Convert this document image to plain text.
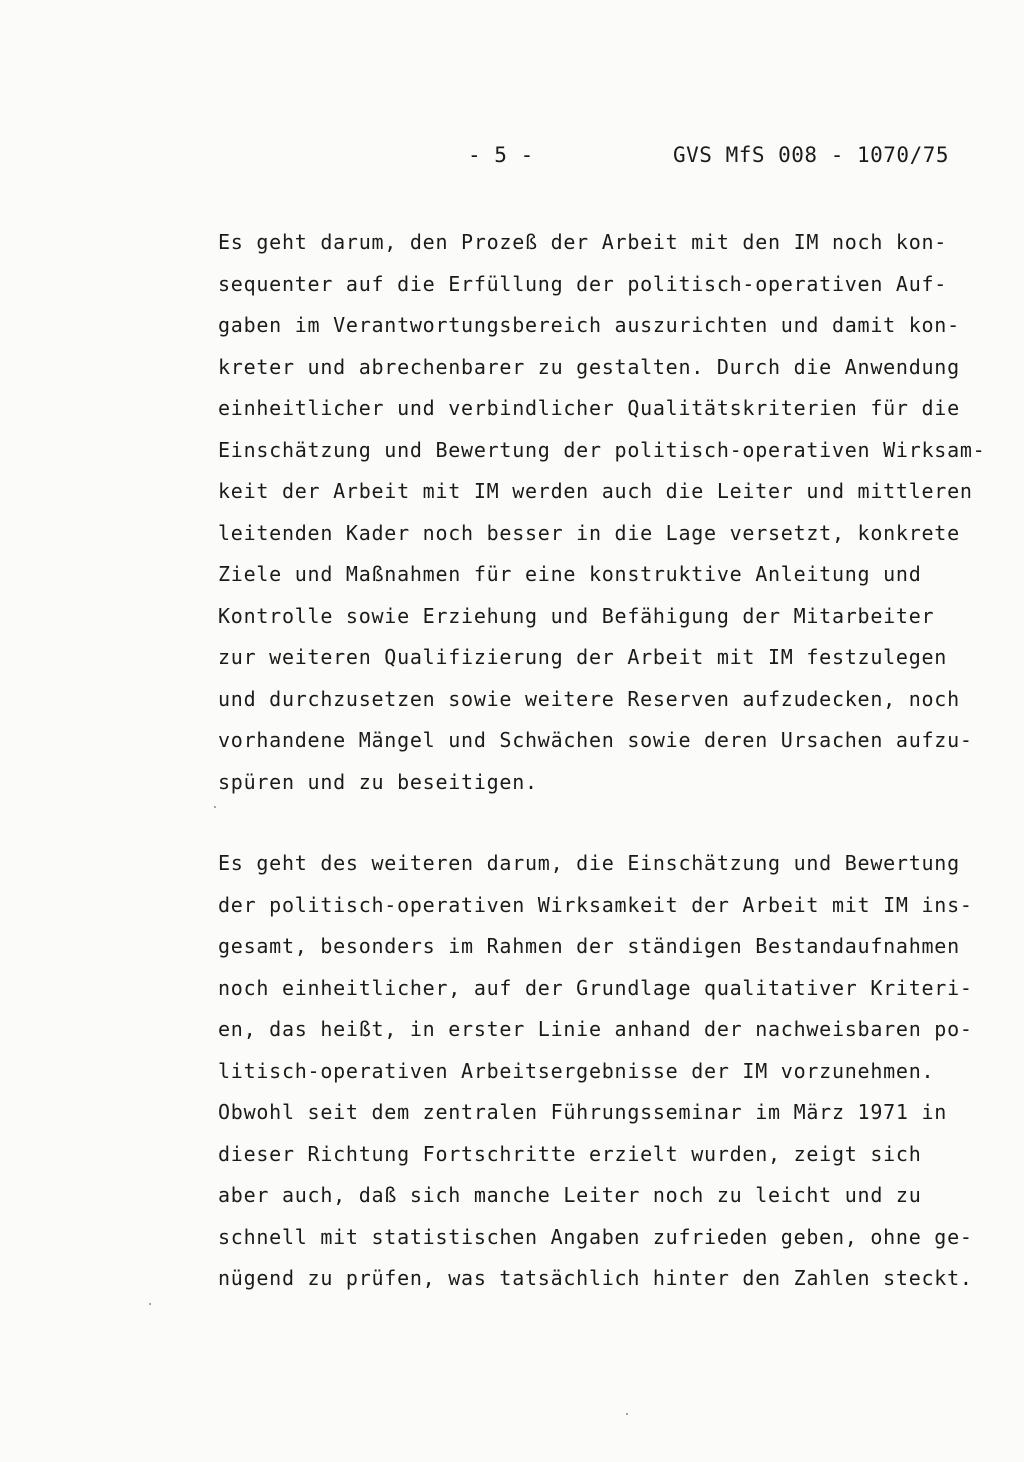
- 5 -	GVS MfS 008 - 1070/75
Es geht darum, den Prozeß der Arbeit mit den IM noch kon-
sequenter auf die Erfüllung der politisch-operativen Auf-
gaben im Verantwortungsbereich auszurichten und damit kon-
kreter und abrechenbarer zu gestalten. Durch die Anwendung
einheitlicher und verbindlicher Qualitätskriterien für die
Einschätzung und Bewertung der politisch-operativen Wirksam-
keit der Arbeit mit IM werden auch die Leiter und mittleren
leitenden Kader noch besser in die Lage versetzt, konkrete
Ziele und Maßnahmen für eine konstruktive Anleitung und
Kontrolle sowie Erziehung und Befähigung der Mitarbeiter
zur weiteren Qualifizierung der Arbeit mit IM festzulegen
und durchzusetzen sowie weitere Reserven aufzudecken, noch
vorhandene Mängel und Schwächen sowie deren Ursachen aufzu-
spüren und zu beseitigen.
Es geht des weiteren darum, die Einschätzung und Bewertung
der politisch-operativen Wirksamkeit der Arbeit mit IM ins-
gesamt, besonders im Rahmen der ständigen Bestandaufnahmen
noch einheitlicher, auf der Grundlage qualitativer Kriteri-
en, das heißt, in erster Linie anhand der nachweisbaren po-
litisch-operativen Arbeitsergebnisse der IM vorzunehmen.
Obwohl seit dem zentralen Führungsseminar im März 1971 in
dieser Richtung Fortschritte erzielt wurden, zeigt sich
aber auch, daß sich manche Leiter noch zu leicht und zu
schnell mit statistischen Angaben zufrieden geben, ohne ge-
nügend zu prüfen, was tatsächlich hinter den Zahlen steckt.
